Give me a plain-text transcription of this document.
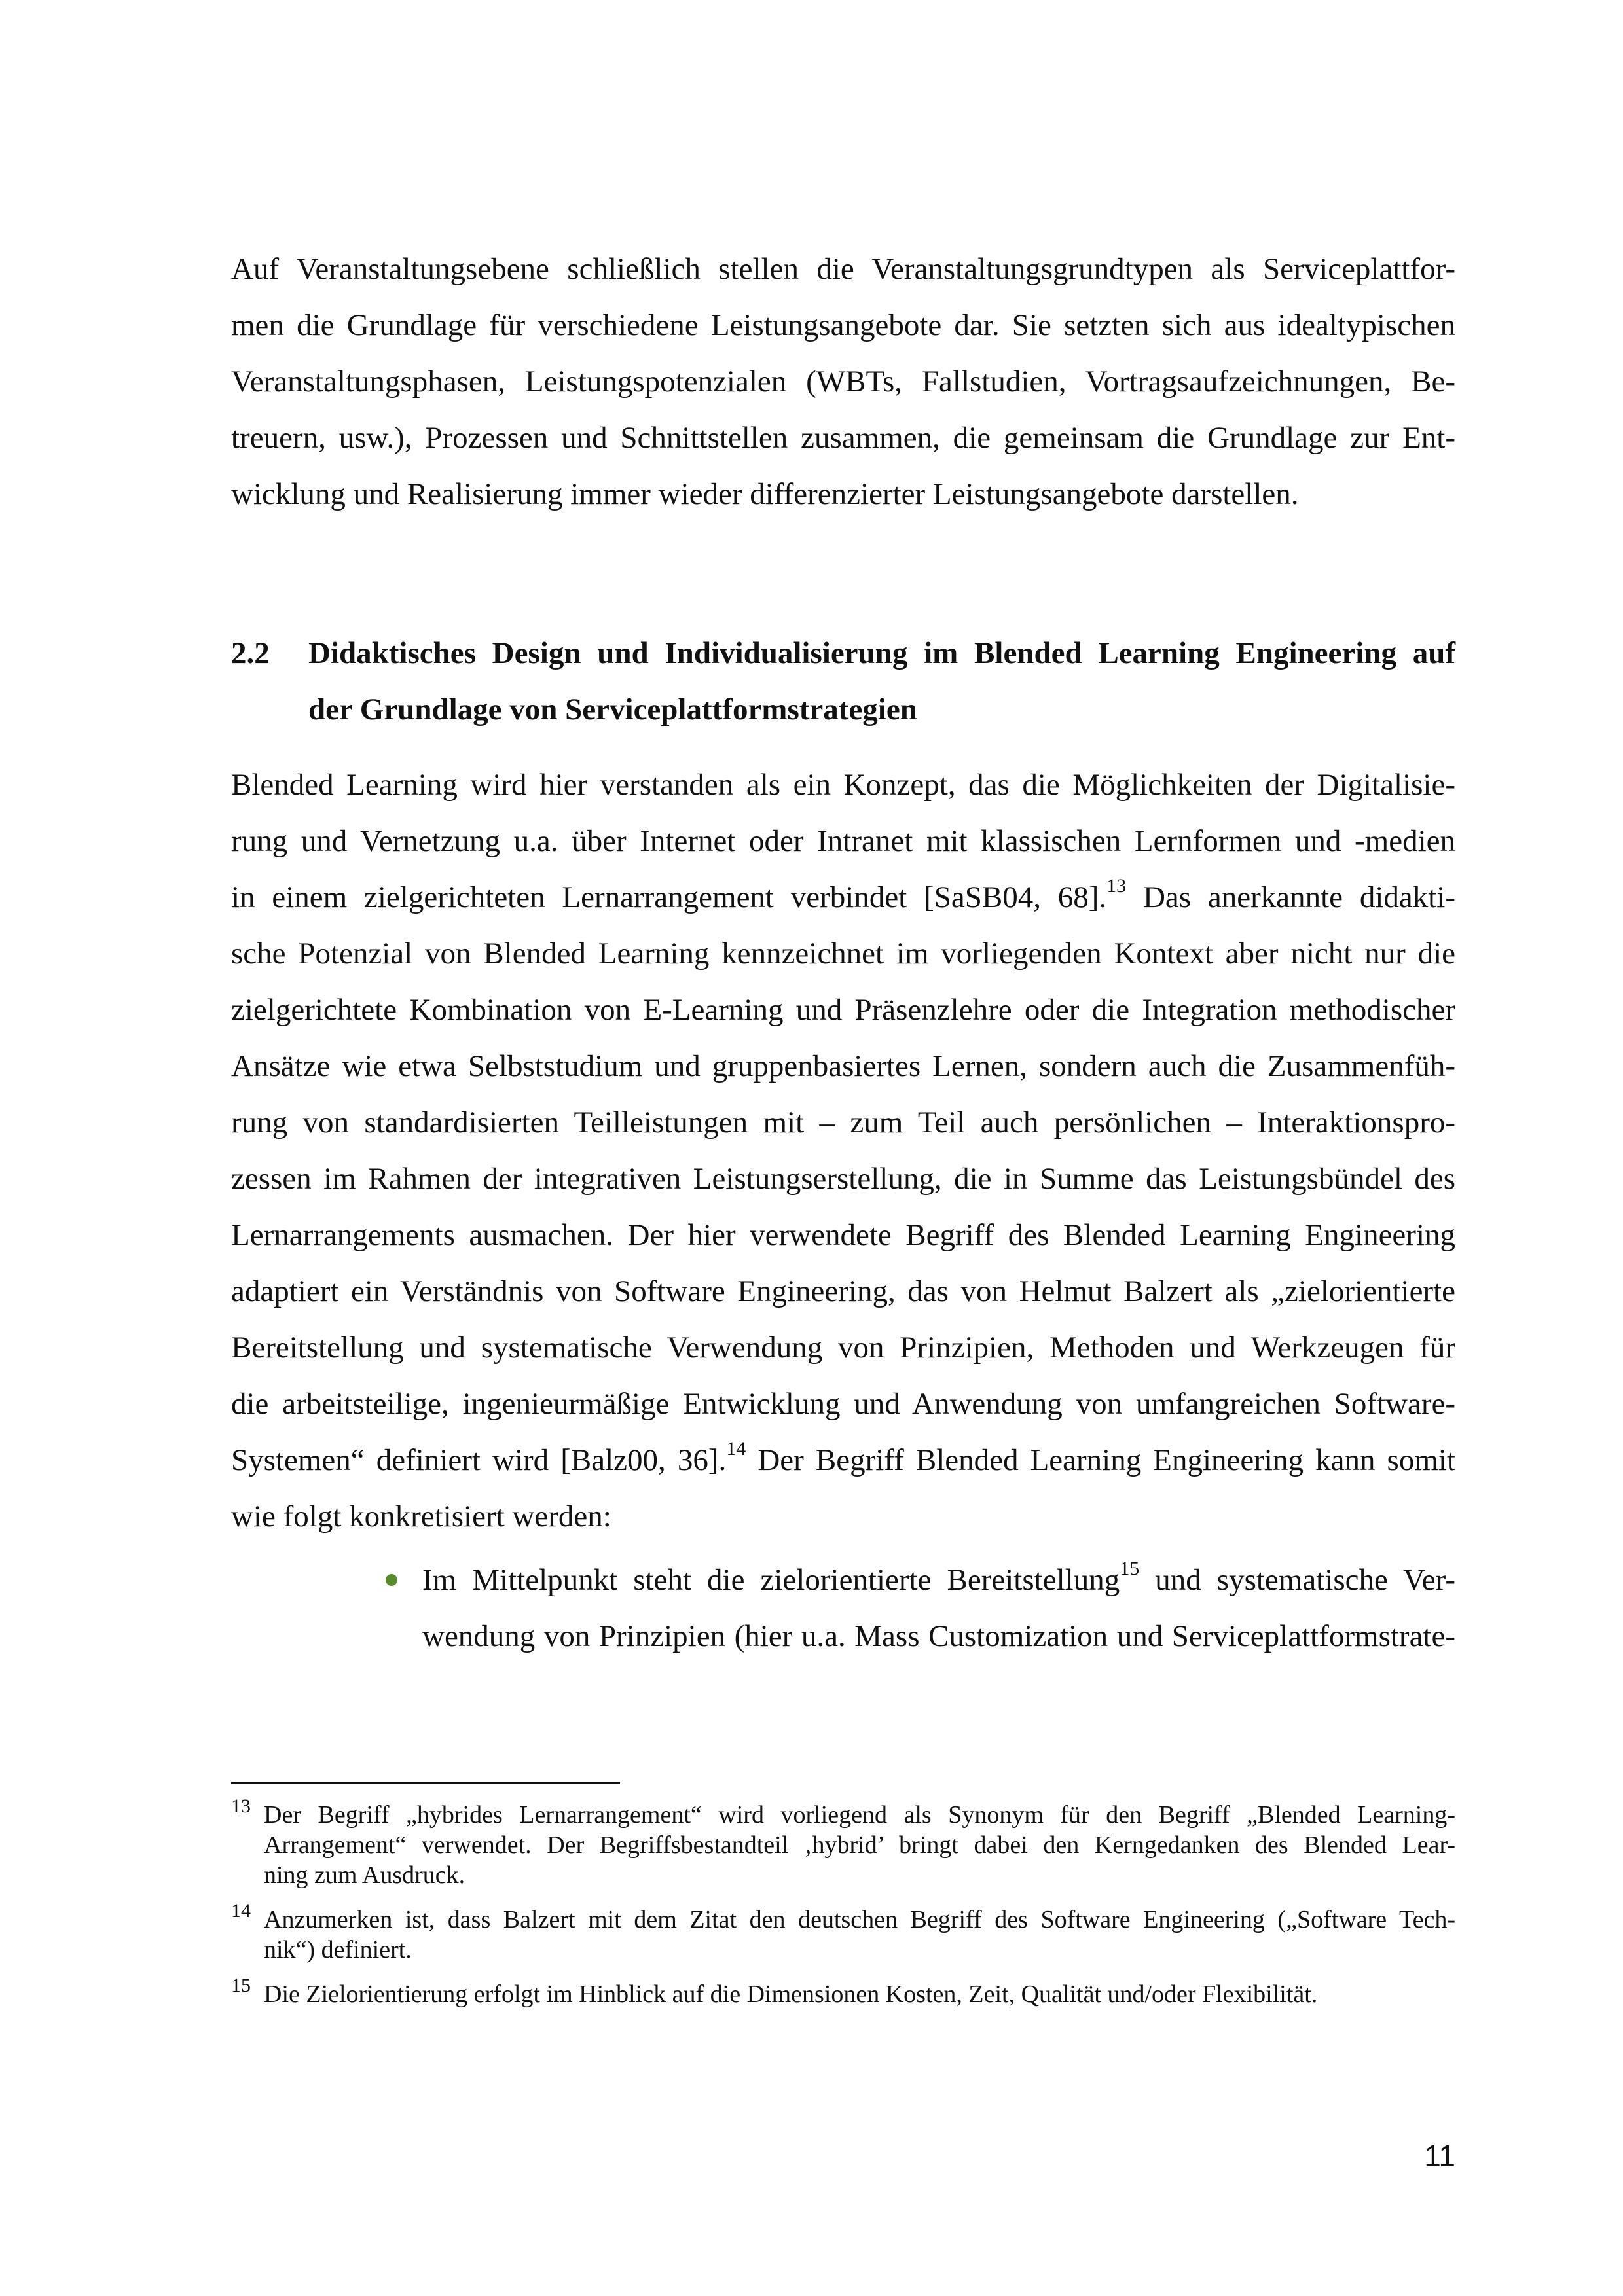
Auf Veranstaltungsebene schließlich stellen die Veranstaltungsgrundtypen als Serviceplattfor-
men die Grundlage für verschiedene Leistungsangebote dar. Sie setzten sich aus idealtypischen
Veranstaltungsphasen, Leistungspotenzialen (WBTs, Fallstudien, Vortragsaufzeichnungen, Be-
treuern, usw.), Prozessen und Schnittstellen zusammen, die gemeinsam die Grundlage zur Ent-
wicklung und Realisierung immer wieder differenzierter Leistungsangebote darstellen.
2.2 Didaktisches Design und Individualisierung im Blended Learning Engineering auf
der Grundlage von Serviceplattformstrategien
Blended Learning wird hier verstanden als ein Konzept, das die Möglichkeiten der Digitalisie-
rung und Vernetzung u.a. über Internet oder Intranet mit klassischen Lernformen und -medien
in einem zielgerichteten Lernarrangement verbindet [SaSB04, 68].$^{13}$ Das anerkannte didakti-
sche Potenzial von Blended Learning kennzeichnet im vorliegenden Kontext aber nicht nur die
zielgerichtete Kombination von E-Learning und Präsenzlehre oder die Integration methodischer
Ansätze wie etwa Selbststudium und gruppenbasiertes Lernen, sondern auch die Zusammenfüh-
rung von standardisierten Teilleistungen mit – zum Teil auch persönlichen – Interaktionspro-
zessen im Rahmen der integrativen Leistungserstellung, die in Summe das Leistungsbündel des
Lernarrangements ausmachen. Der hier verwendete Begriff des Blended Learning Engineering
adaptiert ein Verständnis von Software Engineering, das von Helmut Balzert als „zielorientierte
Bereitstellung und systematische Verwendung von Prinzipien, Methoden und Werkzeugen für
die arbeitsteilige, ingenieurmäßige Entwicklung und Anwendung von umfangreichen Software-
Systemen“ definiert wird [Balz00, 36].$^{14}$ Der Begriff Blended Learning Engineering kann somit
wie folgt konkretisiert werden:
Im Mittelpunkt steht die zielorientierte Bereitstellung$^{15}$ und systematische Ver-
wendung von Prinzipien (hier u.a. Mass Customization und Serviceplattformstrate-
13 Der Begriff „hybrides Lernarrangement“ wird vorliegend als Synonym für den Begriff „Blended Learning-
Arrangement“ verwendet. Der Begriffsbestandteil ‚hybrid’ bringt dabei den Kerngedanken des Blended Lear-
ning zum Ausdruck.
14 Anzumerken ist, dass Balzert mit dem Zitat den deutschen Begriff des Software Engineering („Software Tech-
nik“) definiert.
15 Die Zielorientierung erfolgt im Hinblick auf die Dimensionen Kosten, Zeit, Qualität und/oder Flexibilität.
11
